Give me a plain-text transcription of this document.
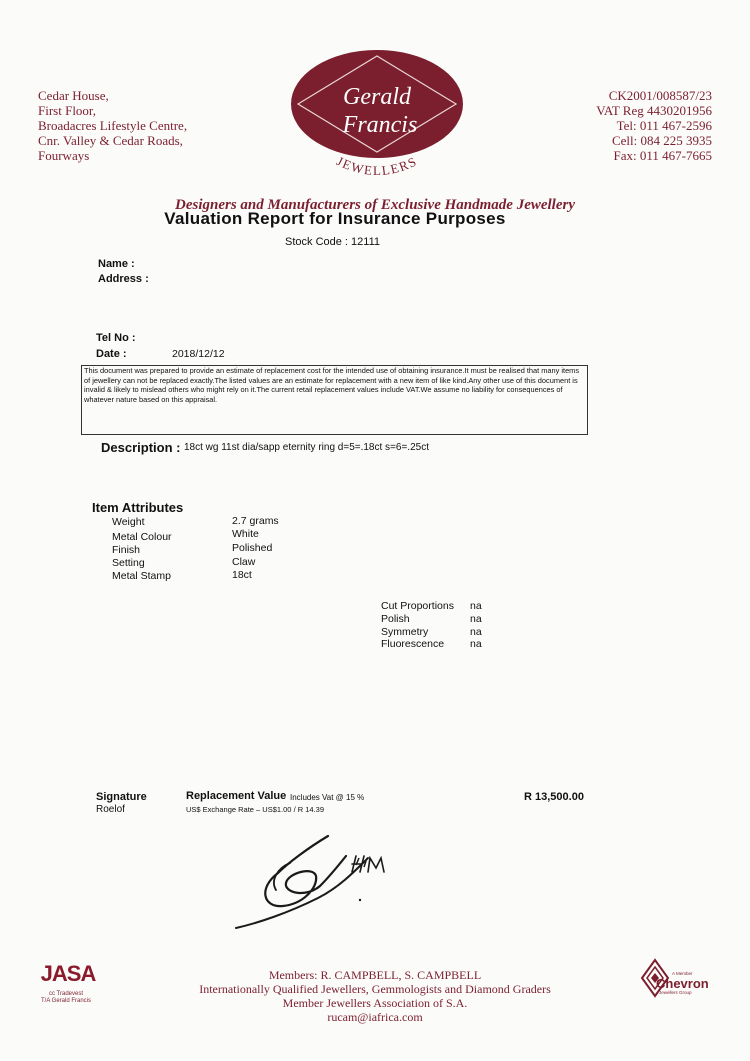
Cedar House,
First Floor,
Broadacres Lifestyle Centre,
Cnr. Valley & Cedar Roads,
Fourways
Gerald
Francis
JEWELLERS
CK2001/008587/23
VAT Reg 4430201956
Tel: 011 467-2596
Cell: 084 225 3935
Fax: 011 467-7665
Designers and Manufacturers of Exclusive Handmade Jewellery
Valuation Report for Insurance Purposes
Stock Code : 12111
Name :
Address :
Tel No :
Date :	2018/12/12
This document was prepared to provide an estimate of replacement cost for the intended use of obtaining insurance.It must be realised that many items of jewellery can not be replaced exactly.The listed values are an estimate for replacement with a new item of like kind.Any other use of this document is invalid & likely to mislead others who might rely on it.The current retail replacement values include VAT.We assume no liability for consequences of whatever nature based on this appraisal.
Description : 18ct wg 11st dia/sapp eternity ring d=5=.18ct s=6=.25ct
Item Attributes
Weight	2.7 grams
Metal Colour	White
Finish	Polished
Setting	Claw
Metal Stamp	18ct
Cut Proportions na
Polish	na
Symmetry	na
Fluorescence na
Signature
Roelof
Replacement Value Includes Vat @ 15 %
US$ Exchange Rate – US$1.00 / R 14.39
R 13,500.00
JASA
cc Tradevest
T/A Gerald Francis
Members: R. CAMPBELL, S. CAMPBELL
Internationally Qualified Jewellers, Gemmologists and Diamond Graders
Member Jewellers Association of S.A.
rucam@iafrica.com
A Member
Chevron
Jewellers Group
